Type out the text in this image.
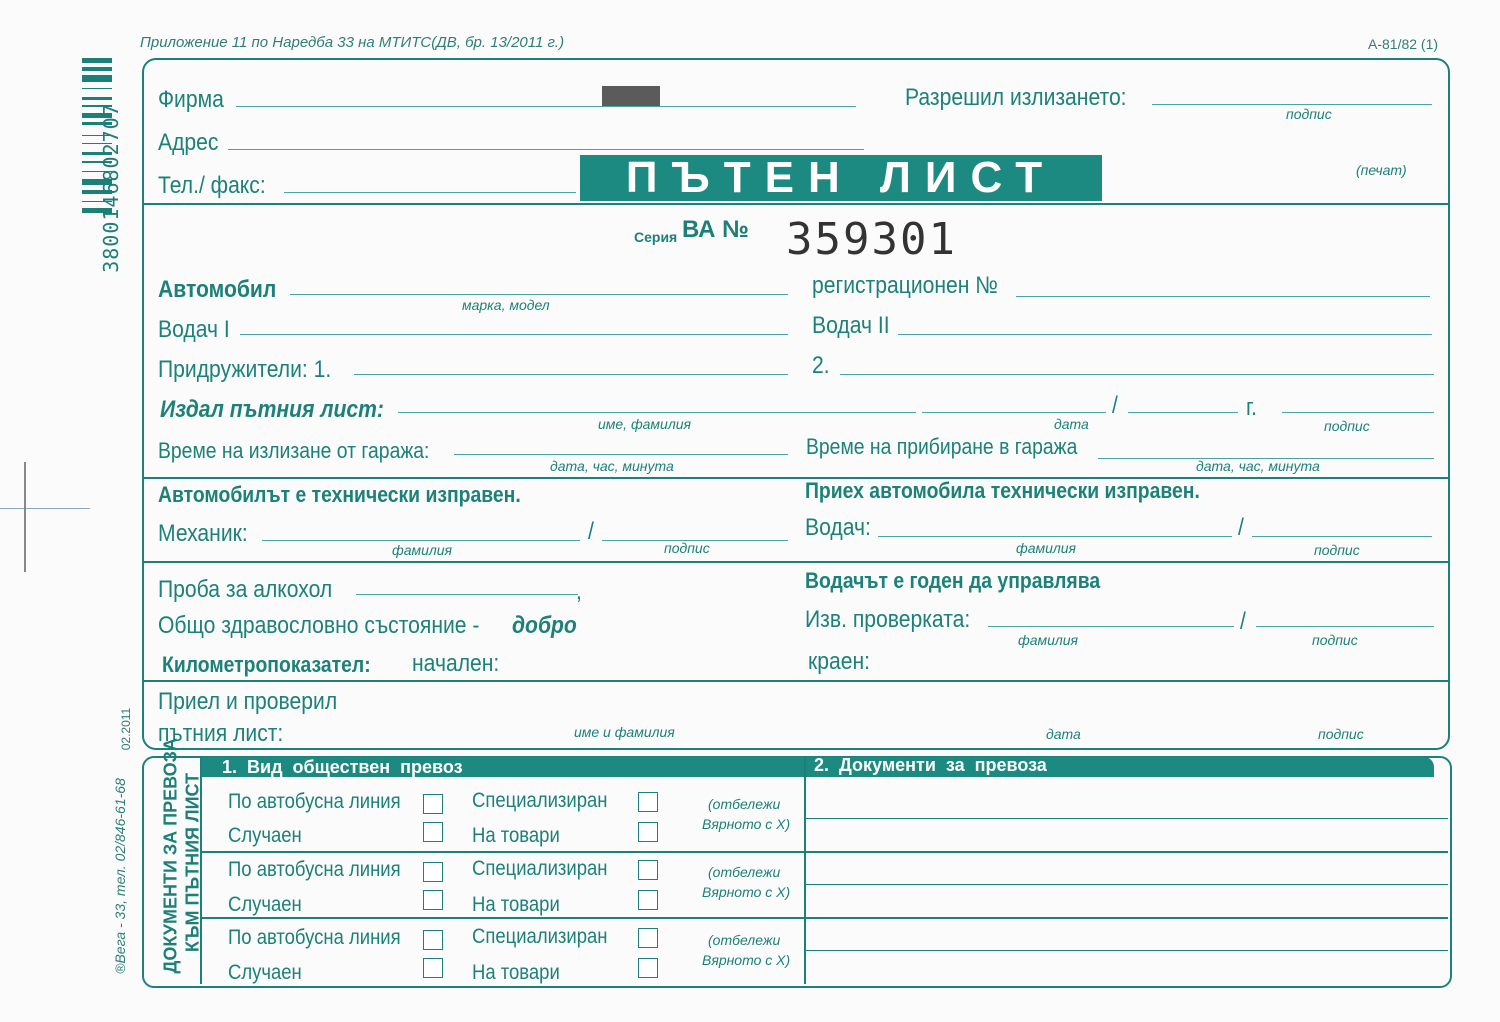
Приложение 11 по Наредба 33 на МТИТС(ДВ, бр. 13/2011 г.)	А-81/82 (1)
3800146802707
Фирма
Адрес
Тел./ факс:
Разрешил излизането:
подпис
(печат)
ПЪТЕН ЛИСТ
Серия ВА № 359301
Автомобил
марка, модел
регистрационен №
Водач I	Водач II
Придружители: 1.	2.
Издал пътния лист:
име, фамилия	дата
/	г.
подпис
Време на излизане от гаража:
дата, час, минута
Време на прибиране в гаража
дата, час, минута
Автомобилът е технически изправен.
Механик:
фамилия
/
подпис
Приех автомобила технически изправен.
Водач:
фамилия
/
подпис
Проба за алкохол	,
Общо здравословно състояние - добро
Водачът е годен да управлява
Изв. проверката:
фамилия
/
подпис
Километропоказател: началeн:	краен:
Приел и проверил
пътния лист:	име и фамилия	дата	подпис
1.  Вид  обществен  превоз	2.  Документи  за  превоза
ДОКУМЕНТИ ЗА ПРЕВОЗА КЪМ ПЪТНИЯ ЛИСТ По автобусна линия	Специализиран
Случаен	На товари
(отбележи
Вярното с X)
По автобусна линия	Специализиран
Случаен	На товари
(отбележи
Вярното с X)
По автобусна линия	Специализиран
Случаен	На товари
(отбележи
Вярното с X)
®Вега - 33, тел. 02/846-61-68
02.2011
